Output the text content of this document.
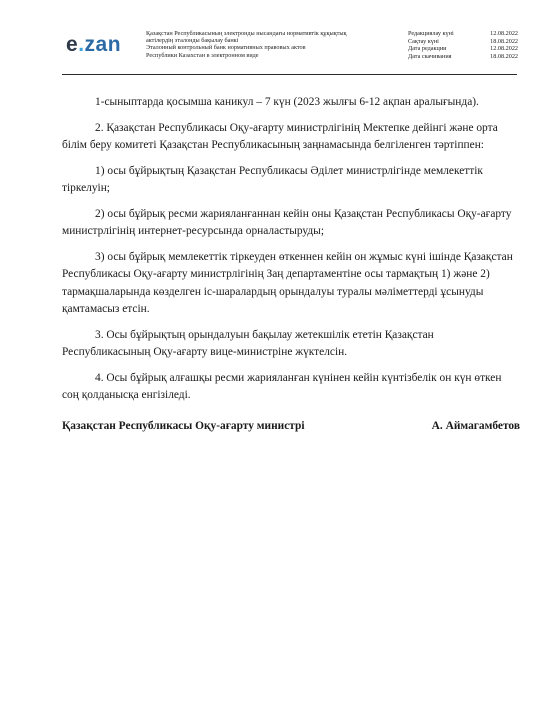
e.zan	Қазақстан Республикасының электронды нысандағы нормативтік құқықтық
актілердің эталонды бақылау банкі
Эталонный контрольный банк нормативных правовых актов
Республики Казахстан в электронном виде
Редакциялау күні	12.08.2022
Сақтау күні	18.08.2022
Дата редакции	12.08.2022
Дата скачивания	18.08.2022

1-сыныптарда қосымша каникул – 7 күн (2023 жылғы 6-12 ақпан аралығында).

2. Қазақстан Республикасы Оқу-ағарту министрлігінің Мектепке дейінгі және орта білім беру комитеті Қазақстан Республикасының заңнамасында белгіленген тәртіппен:

1) осы бұйрықтың Қазақстан Республикасы Әділет министрлігінде мемлекеттік тіркелуін;

2) осы бұйрық ресми жарияланғаннан кейін оны Қазақстан Республикасы Оқу-ағарту министрлігінің интернет-ресурсында орналастыруды;

3) осы бұйрық мемлекеттік тіркеуден өткеннен кейін он жұмыс күні ішінде Қазақстан Республикасы Оқу-ағарту министрлігінің Заң департаментіне осы тармақтың 1) және 2) тармақшаларында көзделген іс-шаралардың орындалуы туралы мәліметтерді ұсынуды қамтамасыз етсін.

3. Осы бұйрықтың орындалуын бақылау жетекшілік ететін Қазақстан Республикасының Оқу-ағарту вице-министріне жүктелсін.

4. Осы бұйрық алғашқы ресми жарияланған күнінен кейін күнтізбелік он күн өткен соң қолданысқа енгізіледі.

Қазақстан Республикасы Оқу-ағарту министрі	А. Аймагамбетов
